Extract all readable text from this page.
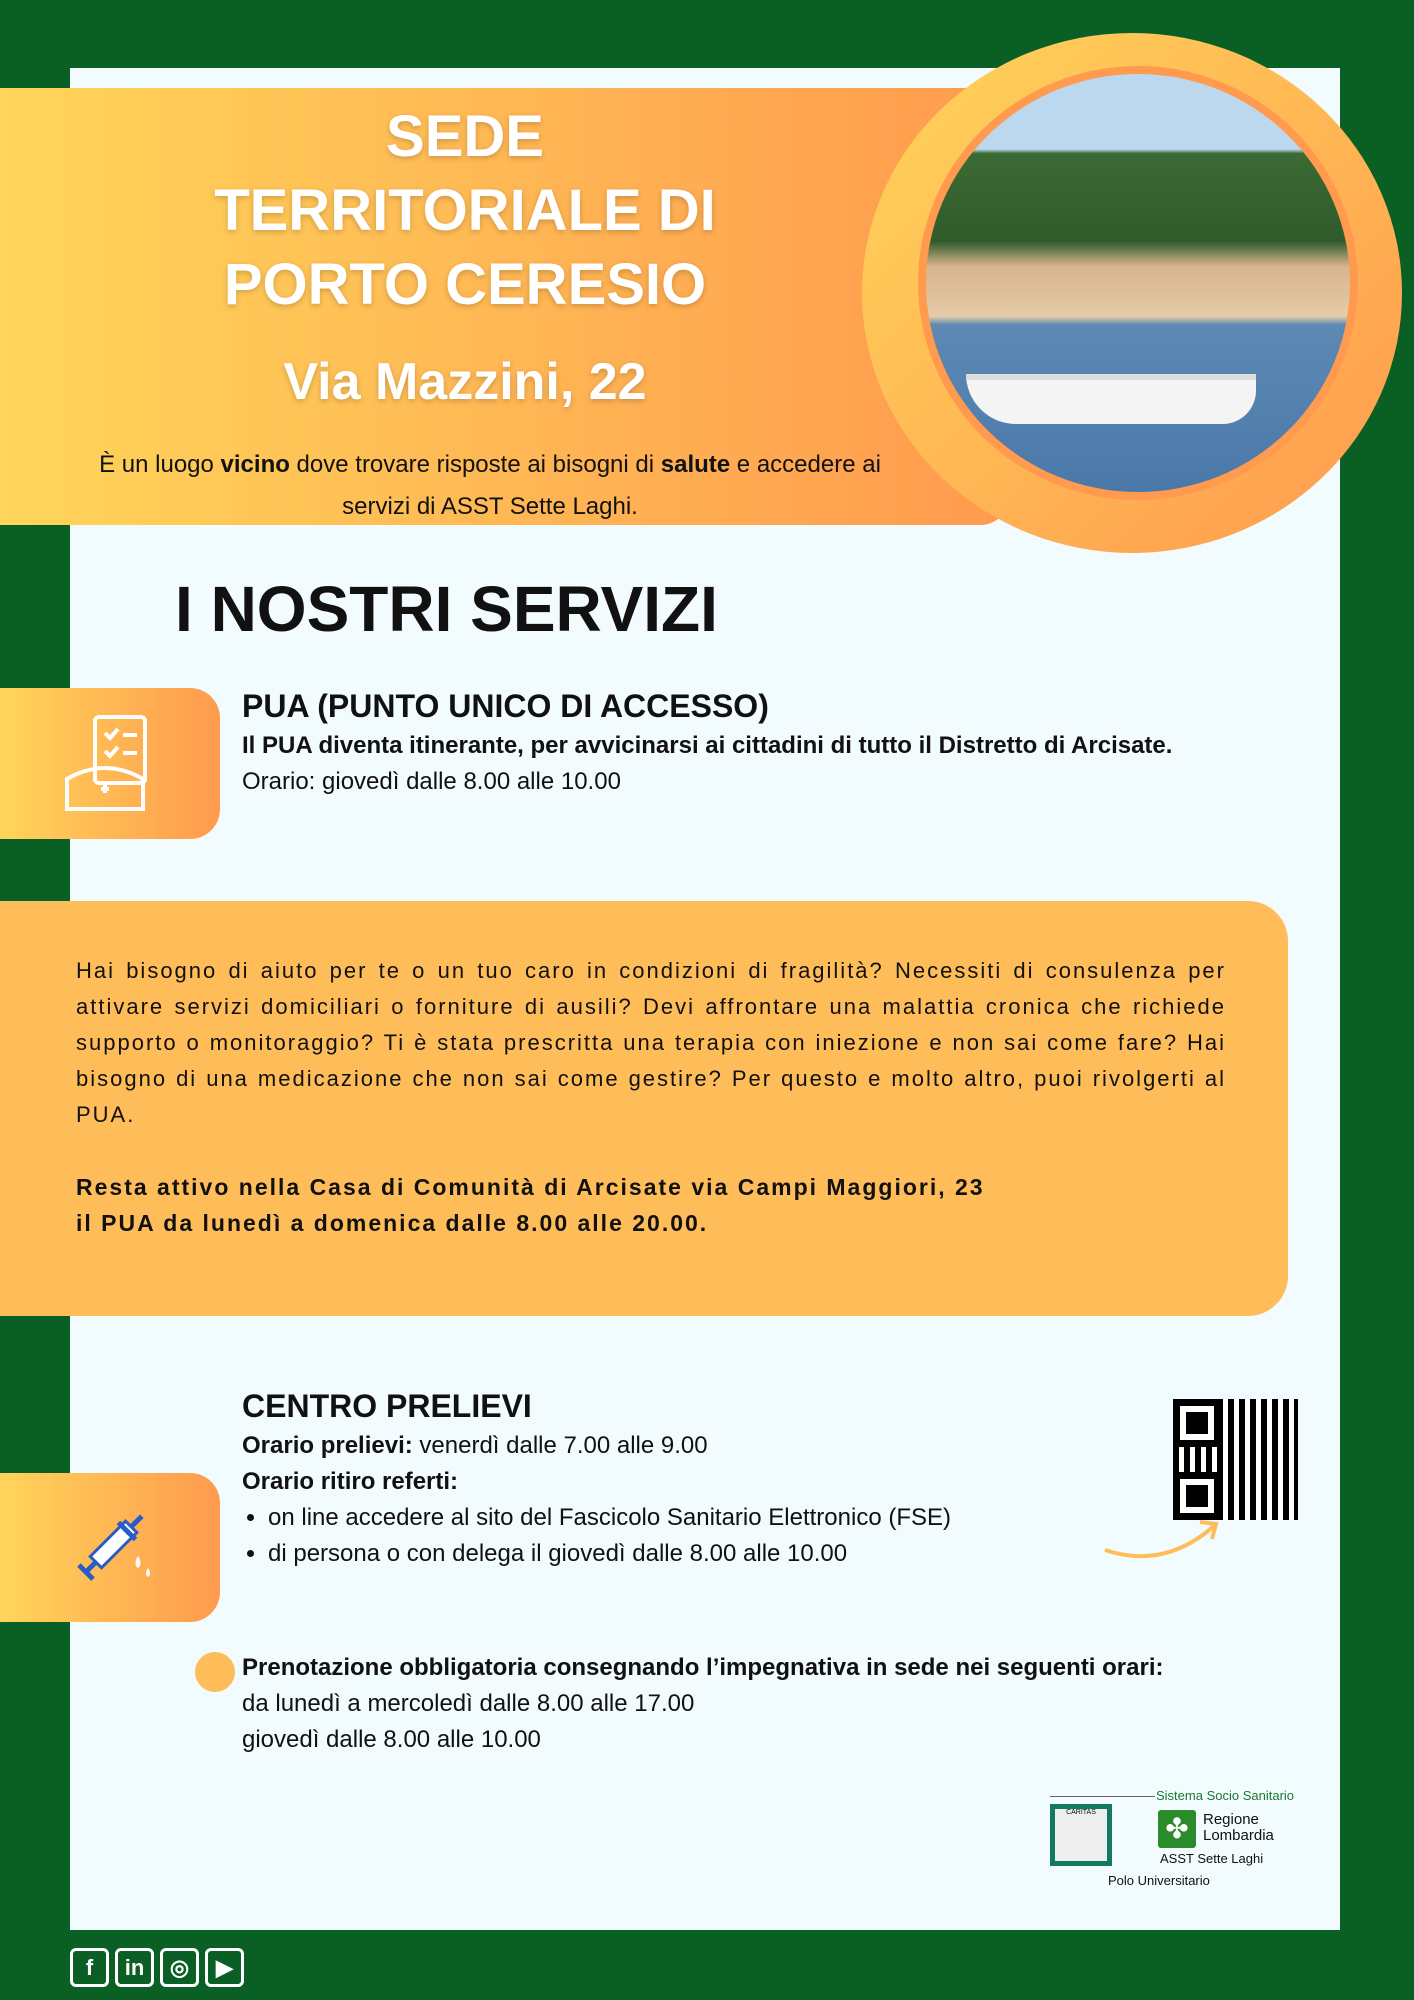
SEDE
TERRITORIALE DI
PORTO CERESIO
Via Mazzini, 22
È un luogo vicino dove trovare risposte ai bisogni di salute e accedere ai servizi di ASST Sette Laghi.
I NOSTRI SERVIZI
PUA (PUNTO UNICO DI ACCESSO)
Il PUA diventa itinerante, per avvicinarsi ai cittadini di tutto il Distretto di Arcisate.
Orario: giovedì dalle 8.00 alle 10.00

Hai bisogno di aiuto per te o un tuo caro in condizioni di fragilità? Necessiti di consulenza per attivare servizi domiciliari o forniture di ausili? Devi affrontare una malattia cronica che richiede supporto o monitoraggio? Ti è stata prescritta una terapia con iniezione e non sai come fare? Hai bisogno di una medicazione che non sai come gestire? Per questo e molto altro, puoi rivolgerti al PUA.

Resta attivo nella Casa di Comunità di Arcisate via Campi Maggiori, 23
il PUA da lunedì a domenica dalle 8.00 alle 20.00.

CENTRO PRELIEVI
Orario prelievi: venerdì dalle 7.00 alle 9.00
Orario ritiro referti:
• on line accedere al sito del Fascicolo Sanitario Elettronico (FSE)
• di persona o con delega il giovedì dalle 8.00 alle 10.00
Prenotazione obbligatoria consegnando l’impegnativa in sede nei seguenti orari:
da lunedì a mercoledì dalle 8.00 alle 17.00
giovedì dalle 8.00 alle 10.00
Sistema Socio Sanitario
CARITAS
✤ Regione
Lombardia
ASST Sette Laghi
Polo Universitario
f	in	◎	▶
